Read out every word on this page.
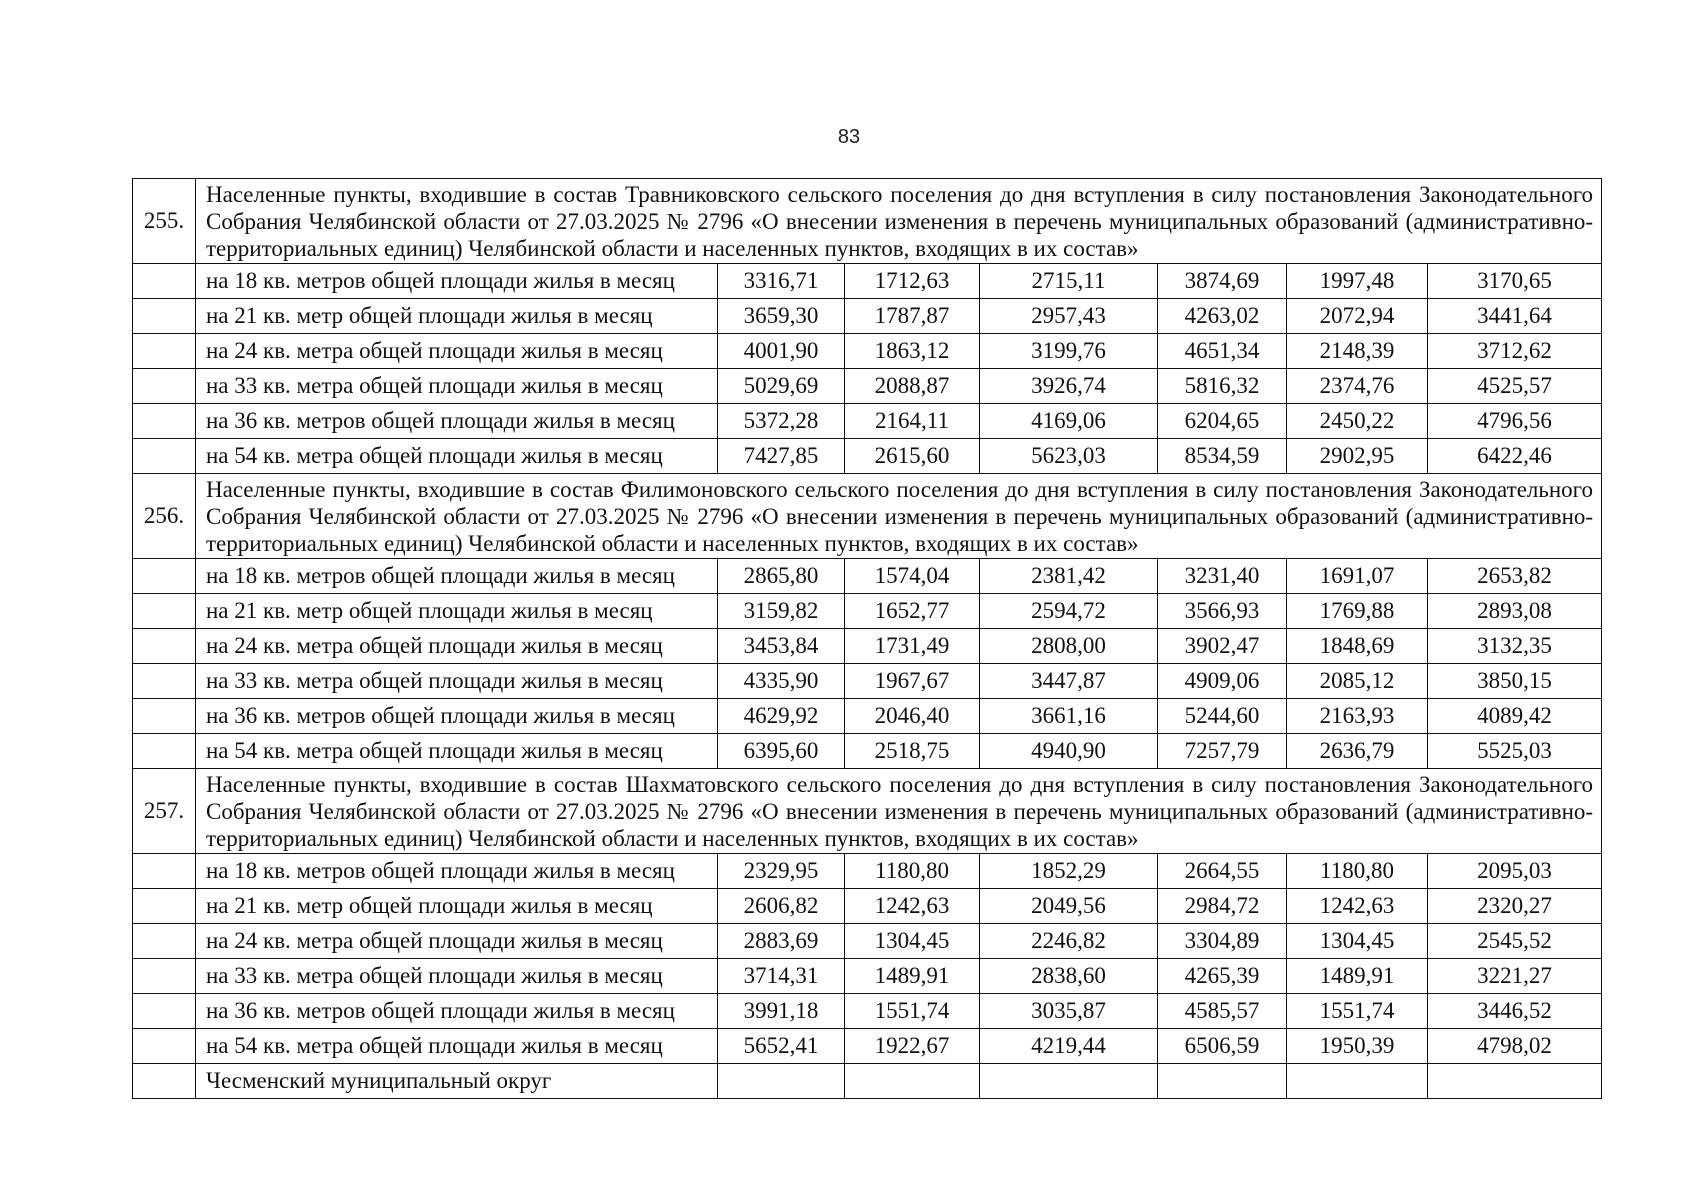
83
255.	Населенные пункты, входившие в состав Травниковского сельского поселения до дня вступления в силу постановления Законодательного Собрания Челябинской области от 27.03.2025 № 2796 «О внесении изменения в перечень муниципальных образований (административно-территориальных единиц) Челябинской области и населенных пунктов, входящих в их состав»						
	на 18 кв. метров общей площади жилья в месяц	3316,71	1712,63	2715,11	3874,69	1997,48	3170,65
	на 21 кв. метр общей площади жилья в месяц	3659,30	1787,87	2957,43	4263,02	2072,94	3441,64
	на 24 кв. метра общей площади жилья в месяц	4001,90	1863,12	3199,76	4651,34	2148,39	3712,62
	на 33 кв. метра общей площади жилья в месяц	5029,69	2088,87	3926,74	5816,32	2374,76	4525,57
	на 36 кв. метров общей площади жилья в месяц	5372,28	2164,11	4169,06	6204,65	2450,22	4796,56
	на 54 кв. метра общей площади жилья в месяц	7427,85	2615,60	5623,03	8534,59	2902,95	6422,46
256.	Населенные пункты, входившие в состав Филимоновского сельского поселения до дня вступления в силу постановления Законодательного Собрания Челябинской области от 27.03.2025 № 2796 «О внесении изменения в перечень муниципальных образований (административно-территориальных единиц) Челябинской области и населенных пунктов, входящих в их состав»						
	на 18 кв. метров общей площади жилья в месяц	2865,80	1574,04	2381,42	3231,40	1691,07	2653,82
	на 21 кв. метр общей площади жилья в месяц	3159,82	1652,77	2594,72	3566,93	1769,88	2893,08
	на 24 кв. метра общей площади жилья в месяц	3453,84	1731,49	2808,00	3902,47	1848,69	3132,35
	на 33 кв. метра общей площади жилья в месяц	4335,90	1967,67	3447,87	4909,06	2085,12	3850,15
	на 36 кв. метров общей площади жилья в месяц	4629,92	2046,40	3661,16	5244,60	2163,93	4089,42
	на 54 кв. метра общей площади жилья в месяц	6395,60	2518,75	4940,90	7257,79	2636,79	5525,03
257.	Населенные пункты, входившие в состав Шахматовского сельского поселения до дня вступления в силу постановления Законодательного Собрания Челябинской области от 27.03.2025 № 2796 «О внесении изменения в перечень муниципальных образований (административно-территориальных единиц) Челябинской области и населенных пунктов, входящих в их состав»						
	на 18 кв. метров общей площади жилья в месяц	2329,95	1180,80	1852,29	2664,55	1180,80	2095,03
	на 21 кв. метр общей площади жилья в месяц	2606,82	1242,63	2049,56	2984,72	1242,63	2320,27
	на 24 кв. метра общей площади жилья в месяц	2883,69	1304,45	2246,82	3304,89	1304,45	2545,52
	на 33 кв. метра общей площади жилья в месяц	3714,31	1489,91	2838,60	4265,39	1489,91	3221,27
	на 36 кв. метров общей площади жилья в месяц	3991,18	1551,74	3035,87	4585,57	1551,74	3446,52
	на 54 кв. метра общей площади жилья в месяц	5652,41	1922,67	4219,44	6506,59	1950,39	4798,02
	Чесменский муниципальный округ						
